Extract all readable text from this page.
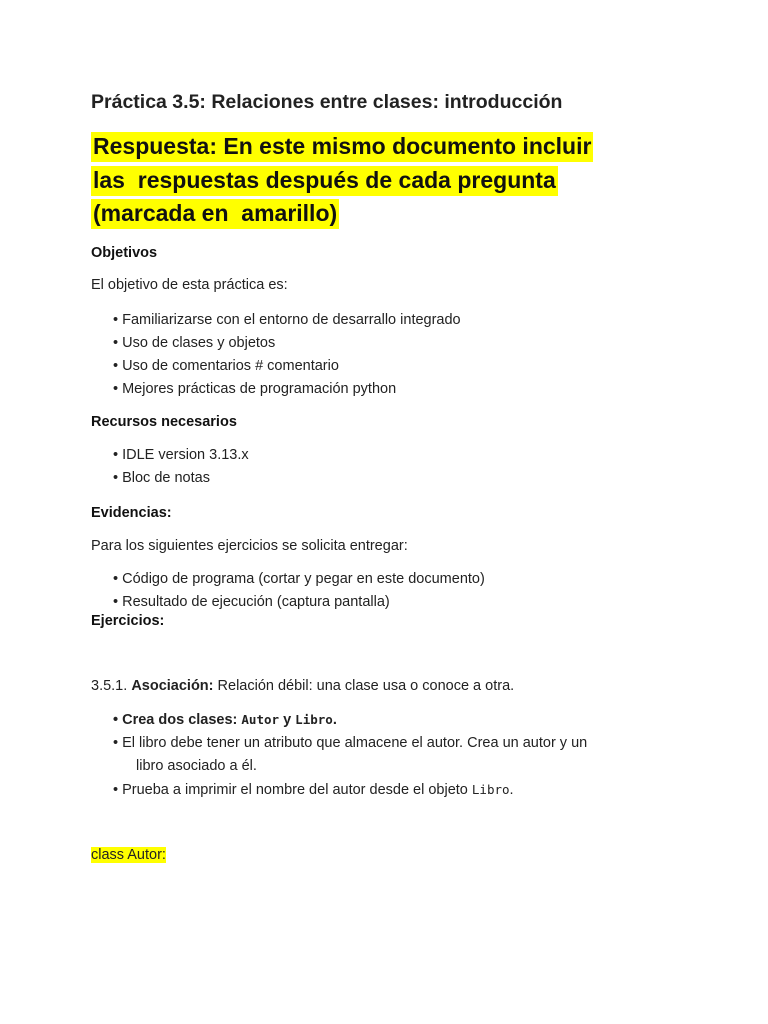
Práctica 3.5: Relaciones entre clases: introducción
Respuesta: En este mismo documento incluir
las  respuestas después de cada pregunta
(marcada en  amarillo)
Objetivos
El objetivo de esta práctica es:
• Familiarizarse con el entorno de desarrallo integrado
• Uso de clases y objetos
• Uso de comentarios # comentario
• Mejores prácticas de programación python
Recursos necesarios
• IDLE version 3.13.x
• Bloc de notas
Evidencias:
Para los siguientes ejercicios se solicita entregar:
• Código de programa (cortar y pegar en este documento)
• Resultado de ejecución (captura pantalla)
Ejercicios:
3.5.1. Asociación: Relación débil: una clase usa o conoce a otra.
• Crea dos clases: Autor y Libro.
• El libro debe tener un atributo que almacene el autor. Crea un autor y un
libro asociado a él.
• Prueba a imprimir el nombre del autor desde el objeto Libro.
class Autor:
